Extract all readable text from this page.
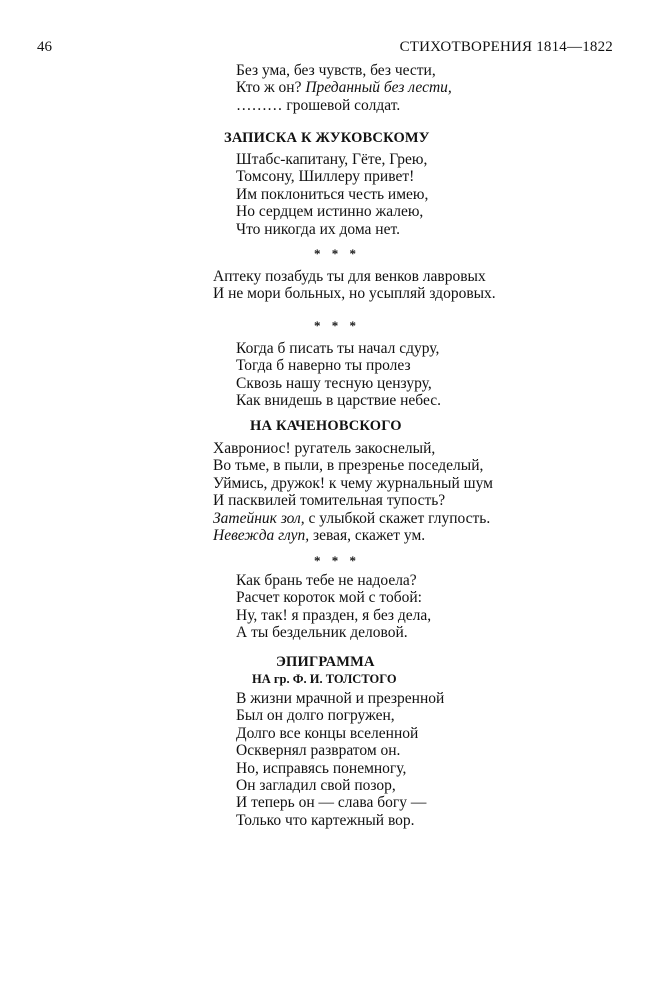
46	СТИХОТВОРЕНИЯ 1814—1822
Без ума, без чувств, без чести,
Кто ж он? Преданный без лести,
……… грошевой солдат.
ЗАПИСКА К ЖУКОВСКОМУ
Штабс-капитану, Гёте, Грею,
Томсону, Шиллеру привет!
Им поклониться честь имею,
Но сердцем истинно жалею,
Что никогда их дома нет.
* * *
Аптеку позабудь ты для венков лавровых
И не мори больных, но усыпляй здоровых.
* * *
Когда б писать ты начал сдуру,
Тогда б наверно ты пролез
Сквозь нашу тесную цензуру,
Как внидешь в царствие небес.
НА КАЧЕНОВСКОГО
Хаврониос! ругатель закоснелый,
Во тьме, в пыли, в презренье поседелый,
Уймись, дружок! к чему журнальный шум
И пасквилей томительная тупость?
Затейник зол, с улыбкой скажет глупость.
Невежда глуп, зевая, скажет ум.
* * *
Как брань тебе не надоела?
Расчет короток мой с тобой:
Ну, так! я празден, я без дела,
А ты бездельник деловой.
ЭПИГРАММА
НА гр. Ф. И. ТОЛСТОГО
В жизни мрачной и презренной
Был он долго погружен,
Долго все концы вселенной
Осквернял развратом он.
Но, исправясь понемногу,
Он загладил свой позор,
И теперь он — слава богу —
Только что картежный вор.
